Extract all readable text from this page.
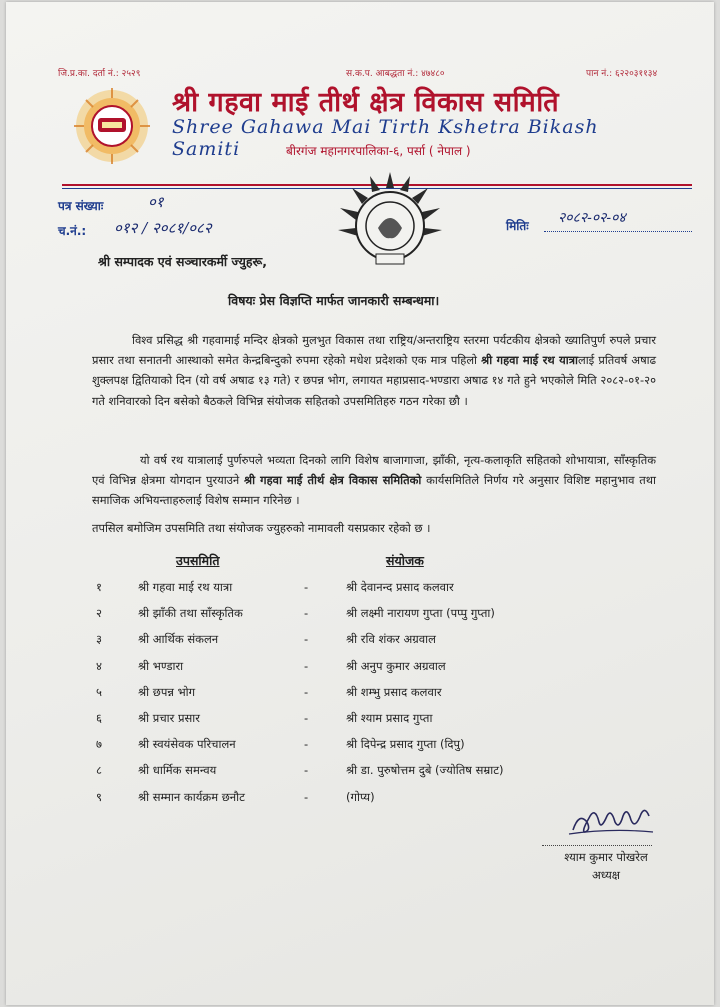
जि.प्र.का. दर्ता नं.: २५२९	स.क.प. आबद्धता नं.: ४७४८०	पान नं.: ६२२०३११३४
श्री गहवा माई तीर्थ क्षेत्र विकास समिति
Shree Gahawa Mai Tirth Kshetra Bikash Samiti	बीरगंज महानगरपालिका-६, पर्सा ( नेपाल )
पत्र संख्याः	०१
च.नं.: ०१२ / २०८१/०८२	मितिः २०८२-०२-०४
श्री सम्पादक एवं सञ्चारकर्मी ज्युहरू,
विषयः प्रेस विज्ञप्ति मार्फत जानकारी सम्बन्धमा।
विश्व प्रसिद्ध श्री गहवामाई मन्दिर क्षेत्रको मुलभुत विकास तथा राष्ट्रिय/अन्तराष्ट्रिय स्तरमा पर्यटकीय क्षेत्रको ख्यातिपुर्ण रुपले प्रचार प्रसार तथा सनातनी आस्थाको समेत केन्द्रबिन्दुको रुपमा रहेको मधेश प्रदेशको एक मात्र पहिलो श्री गहवा माई रथ यात्रालाई प्रतिवर्ष अषाढ शुक्लपक्ष द्वितियाको दिन (यो वर्ष अषाढ १३ गते) र छपन्न भोग, लगायत महाप्रसाद-भण्डारा अषाढ १४ गते हुने भएकोले मिति २०८२-०१-२० गते शनिवारको दिन बसेको बैठकले विभिन्न संयोजक सहितको उपसमितिहरु गठन गरेका छौ ।
यो वर्ष रथ यात्रालाई पुर्णरुपले भव्यता दिनको लागि विशेष बाजागाजा, झाँकी, नृत्य-कलाकृति सहितको शोभायात्रा, साँस्कृतिक एवं विभिन्न क्षेत्रमा योगदान पुरयाउने श्री गहवा माई तीर्थ क्षेत्र विकास समितिको कार्यसमितिले निर्णय गरे अनुसार विशिष्ट महानुभाव तथा समाजिक अभियन्ताहरुलाई विशेष सम्मान गरिनेछ ।
तपसिल बमोजिम उपसमिति तथा संयोजक ज्युहरुको नामावली यसप्रकार रहेको छ ।
उपसमिति	संयोजक
१	श्री गहवा माई रथ यात्रा	-	श्री देवानन्द प्रसाद कलवार
२	श्री झाँकी तथा साँस्कृतिक	-	श्री लक्ष्मी नारायण गुप्ता (पप्पु गुप्ता)
३	श्री आर्थिक संकलन	-	श्री रवि शंकर अग्रवाल
४	श्री भण्डारा	-	श्री अनुप कुमार अग्रवाल
५	श्री छपन्न भोग	-	श्री शम्भु प्रसाद कलवार
६	श्री प्रचार प्रसार	-	श्री श्याम प्रसाद गुप्ता
७	श्री स्वयंसेवक परिचालन	-	श्री दिपेन्द्र प्रसाद गुप्ता (दिपु)
८	श्री धार्मिक समन्वय	-	श्री डा. पुरुषोत्तम दुबे (ज्योतिष सम्राट)
९	श्री सम्मान कार्यक्रम छनौट	-	(गोप्य)
श्याम कुमार पोखरेल
अध्यक्ष
